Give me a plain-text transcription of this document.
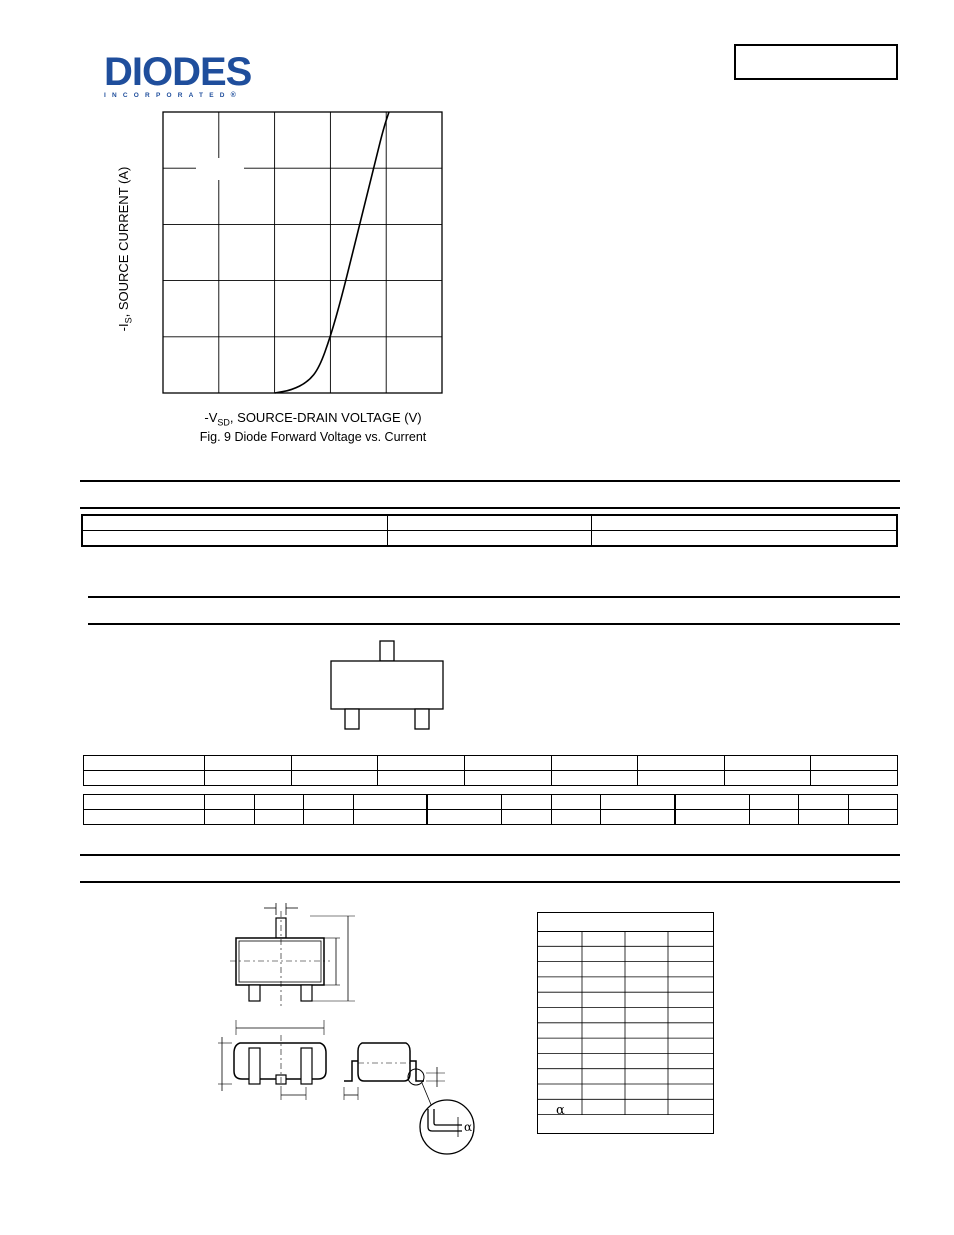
DIODES
INCORPORATED®
$-I_S$, SOURCE CURRENT (A)
$-V_{SD}$, SOURCE-DRAIN VOLTAGE (V)
Fig. 9 Diode Forward Voltage vs. Current

α
α
